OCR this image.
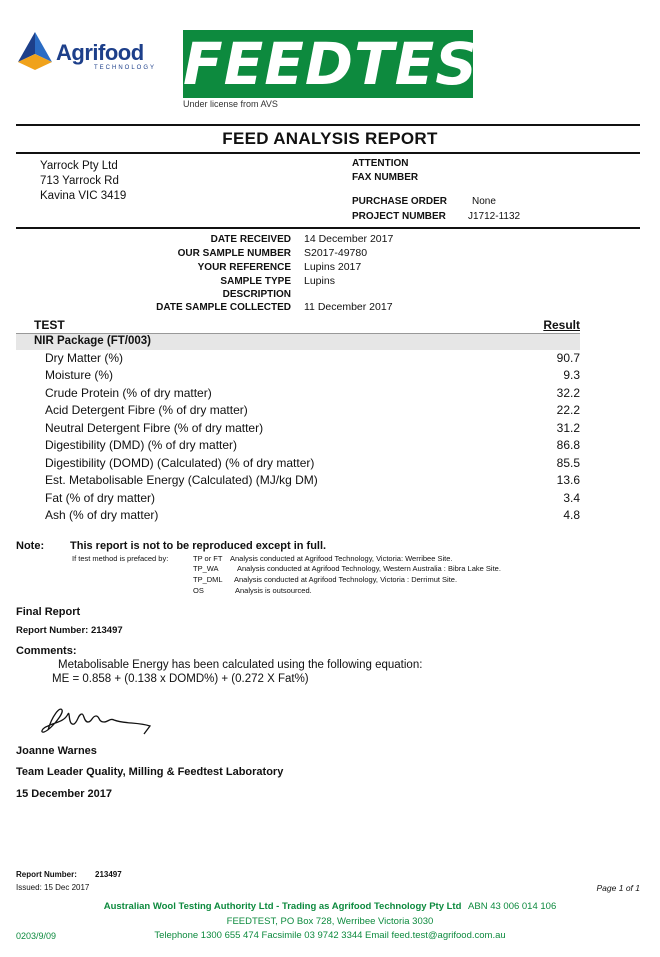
Agrifood
TECHNOLOGY FEEDTEST
Under license from AVS
FEED ANALYSIS REPORT
Yarrock Pty Ltd
713 Yarrock Rd
Kavina VIC 3419
ATTENTION
FAX NUMBER
PURCHASE ORDER None
PROJECT NUMBER J1712-1132
DATE RECEIVED 14 December 2017
OUR SAMPLE NUMBER S2017-49780
YOUR REFERENCE Lupins 2017
SAMPLE TYPE Lupins
DESCRIPTION
DATE SAMPLE COLLECTED 11 December 2017
TEST	Result
NIR Package (FT/003)
Dry Matter (%)	90.7
Moisture (%)	9.3
Crude Protein (% of dry matter)	32.2
Acid Detergent Fibre (% of dry matter)	22.2
Neutral Detergent Fibre (% of dry matter)	31.2
Digestibility (DMD) (% of dry matter)	86.8
Digestibility (DOMD) (Calculated) (% of dry matter)	85.5
Est. Metabolisable Energy (Calculated) (MJ/kg DM)	13.6
Fat (% of dry matter)	3.4
Ash (% of dry matter)	4.8
Note: This report is not to be reproduced except in full.
If test method is prefaced by:	TP or FT Analysis conducted at Agrifood Technology, Victoria: Werribee Site.
TP_WA Analysis conducted at Agrifood Technology, Western Australia : Bibra Lake Site.
TP_DML Analysis conducted at Agrifood Technology, Victoria : Derrimut Site.
OS	Analysis is outsourced.
Final Report
Report Number: 213497
Comments:
Metabolisable Energy has been calculated using the following equation:
ME = 0.858 + (0.138 x DOMD%) + (0.272 X Fat%)
Joanne Warnes
Team Leader Quality, Milling & Feedtest Laboratory
15 December 2017
Report Number: 213497
Issued: 15 Dec 2017	Page 1 of 1
Australian Wool Testing Authority Ltd - Trading as Agrifood Technology Pty Ltd ABN 43 006 014 106
FEEDTEST, PO Box 728, Werribee Victoria 3030
Telephone 1300 655 474 Facsimile 03 9742 3344 Email feed.test@agrifood.com.au
0203/9/09
